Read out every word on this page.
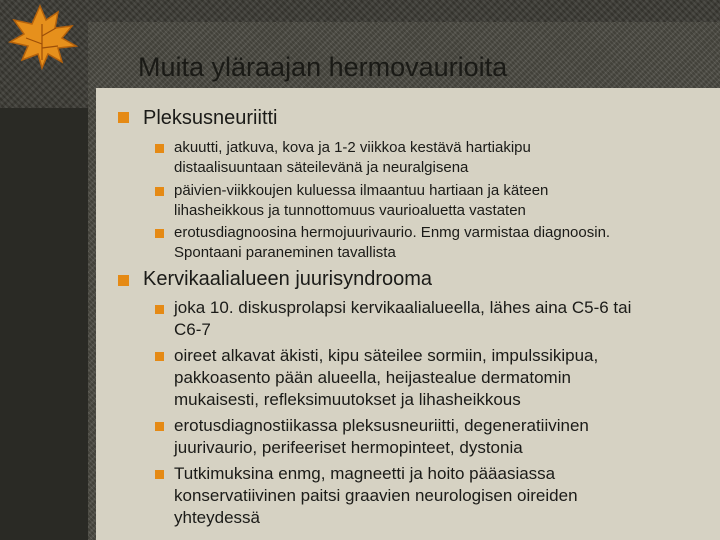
Muita yläraajan hermovaurioita
Pleksusneuriitti
akuutti, jatkuva, kova ja 1-2 viikkoa kestävä hartiakipu
distaalisuuntaan säteilevänä ja neuralgisena
päivien-viikkoujen kuluessa ilmaantuu hartiaan ja käteen
lihasheikkous ja tunnottomuus vaurioaluetta vastaten
erotusdiagnoosina hermojuurivaurio. Enmg varmistaa diagnoosin.
Spontaani paraneminen tavallista
Kervikaalialueen juurisyndrooma
joka 10. diskusprolapsi kervikaalialueella, lähes aina C5-6 tai
C6-7
oireet alkavat äkisti, kipu säteilee sormiin, impulssikipua,
pakkoasento pään alueella, heijastealue dermatomin
mukaisesti, refleksimuutokset ja lihasheikkous
erotusdiagnostiikassa pleksusneuriitti, degeneratiivinen
juurivaurio, perifeeriset hermopinteet, dystonia
Tutkimuksina enmg, magneetti ja hoito pääasiassa
konservatiivinen paitsi graavien neurologisen oireiden
yhteydessä
